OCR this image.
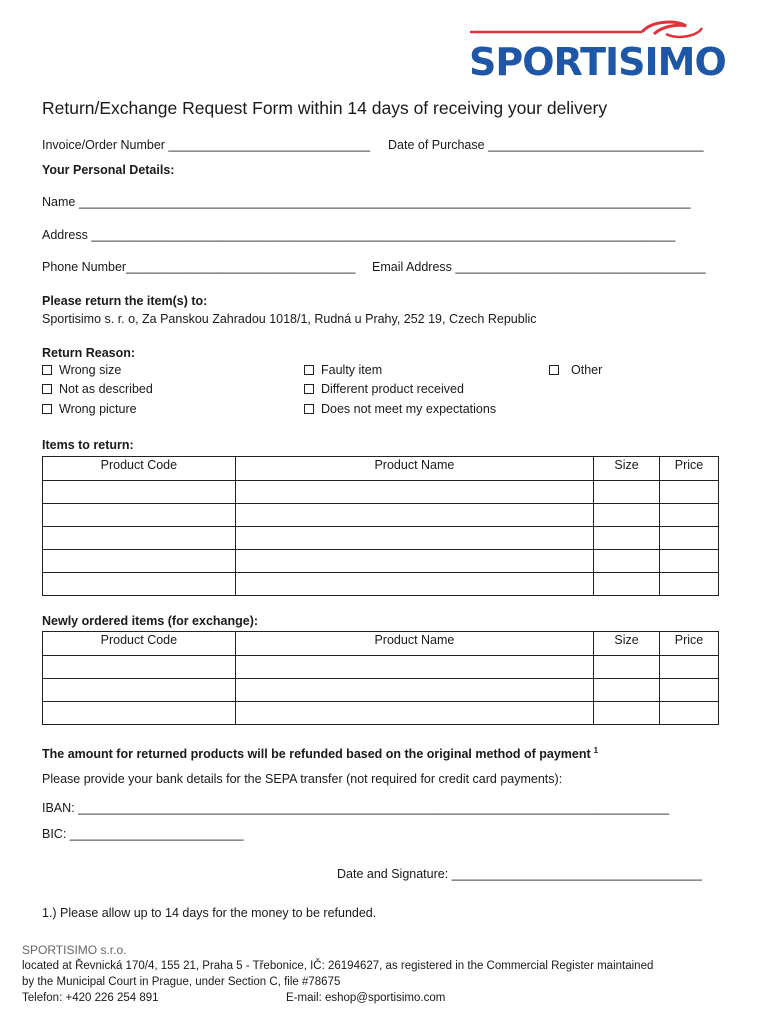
SPORTISIMO
Return/Exchange Request Form within 14 days of receiving your delivery
Invoice/Order Number _____________________________ Date of Purchase _______________________________
Your Personal Details:
Name ________________________________________________________________________________________
Address ____________________________________________________________________________________
Phone Number_________________________________ Email Address ____________________________________
Please return the item(s) to:
Sportisimo s. r. o, Za Panskou Zahradou 1018/1, Rudná u Prahy, 252 19, Czech Republic
Return Reason:
Wrong size
Not as described
Wrong picture
Faulty item
Different product received
Does not meet my expectations
Other
Items to return:
Product Code	Product Name	Size	Price

Newly ordered items (for exchange):
Product Code	Product Name	Size	Price

The amount for returned products will be refunded based on the original method of payment $^1$
Please provide your bank details for the SEPA transfer (not required for credit card payments):
IBAN: _____________________________________________________________________________________
BIC: _________________________
Date and Signature: ____________________________________
1.) Please allow up to 14 days for the money to be refunded.
SPORTISIMO s.r.o.
located at Řevnická 170/4, 155 21, Praha 5 - Třebonice, IČ: 26194627, as registered in the Commercial Register maintained
by the Municipal Court in Prague, under Section C, file #78675
Telefon: +420 226 254 891	E-mail: eshop@sportisimo.com
